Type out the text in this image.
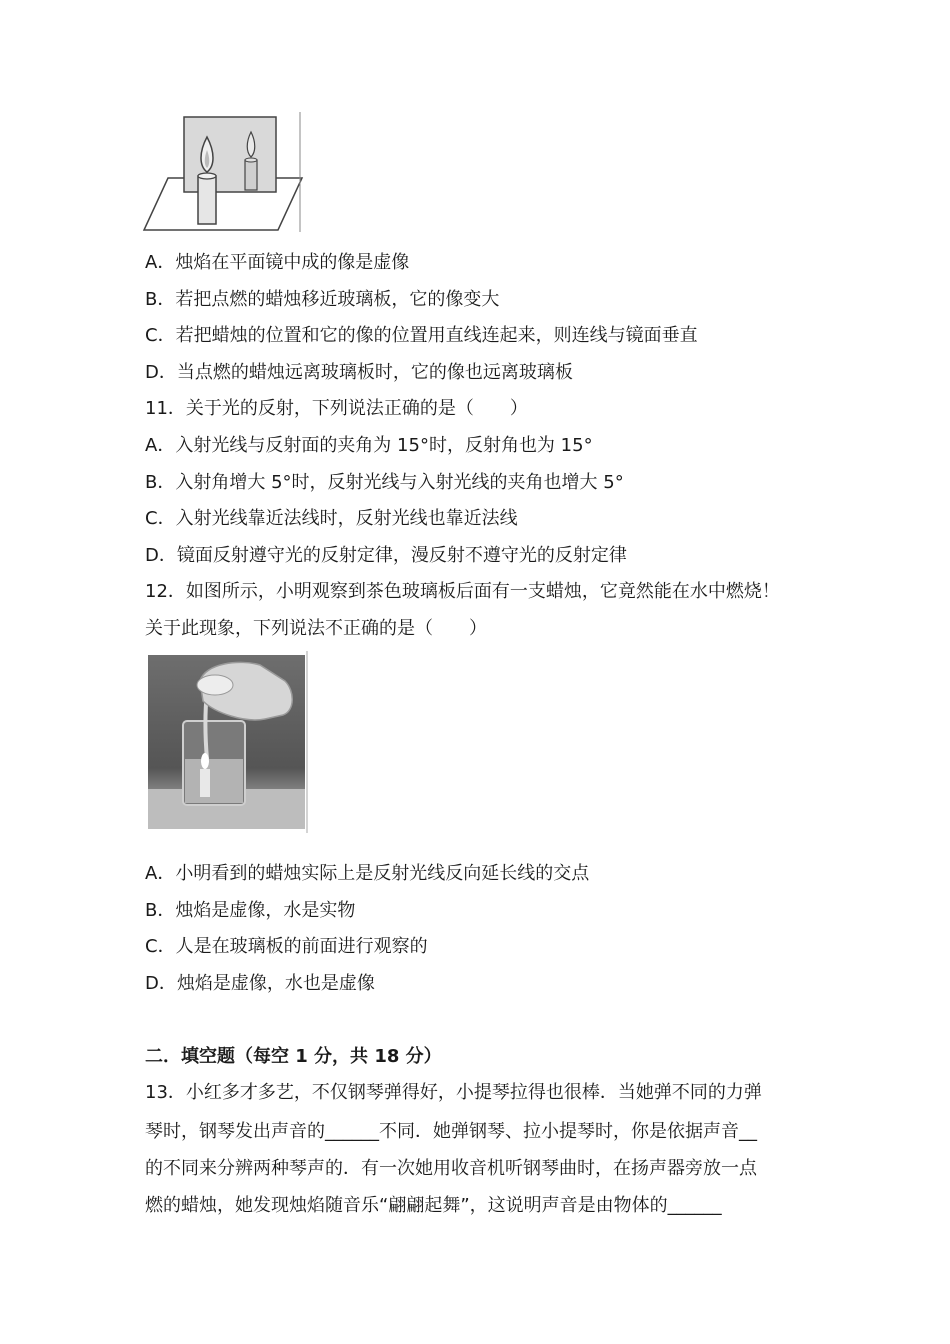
A．烛焰在平面镜中成的像是虚像
B．若把点燃的蜡烛移近玻璃板，它的像变大
C．若把蜡烛的位置和它的像的位置用直线连起来，则连线与镜面垂直
D．当点燃的蜡烛远离玻璃板时，它的像也远离玻璃板
11．关于光的反射，下列说法正确的是（　　）
A．入射光线与反射面的夹角为 15°时，反射角也为 15°
B．入射角增大 5°时，反射光线与入射光线的夹角也增大 5°
C．入射光线靠近法线时，反射光线也靠近法线
D．镜面反射遵守光的反射定律，漫反射不遵守光的反射定律
12．如图所示，小明观察到茶色玻璃板后面有一支蜡烛，它竟然能在水中燃烧！
关于此现象，下列说法不正确的是（　　）
A．小明看到的蜡烛实际上是反射光线反向延长线的交点
B．烛焰是虚像，水是实物
C．人是在玻璃板的前面进行观察的
D．烛焰是虚像，水也是虚像
二．填空题（每空 1 分，共 18 分）
13．小红多才多艺，不仅钢琴弹得好，小提琴拉得也很棒．当她弹不同的力弹
琴时，钢琴发出声音的______不同．她弹钢琴、拉小提琴时，你是依据声音__
的不同来分辨两种琴声的．有一次她用收音机听钢琴曲时，在扬声器旁放一点
燃的蜡烛，她发现烛焰随音乐“翩翩起舞”，这说明声音是由物体的______
